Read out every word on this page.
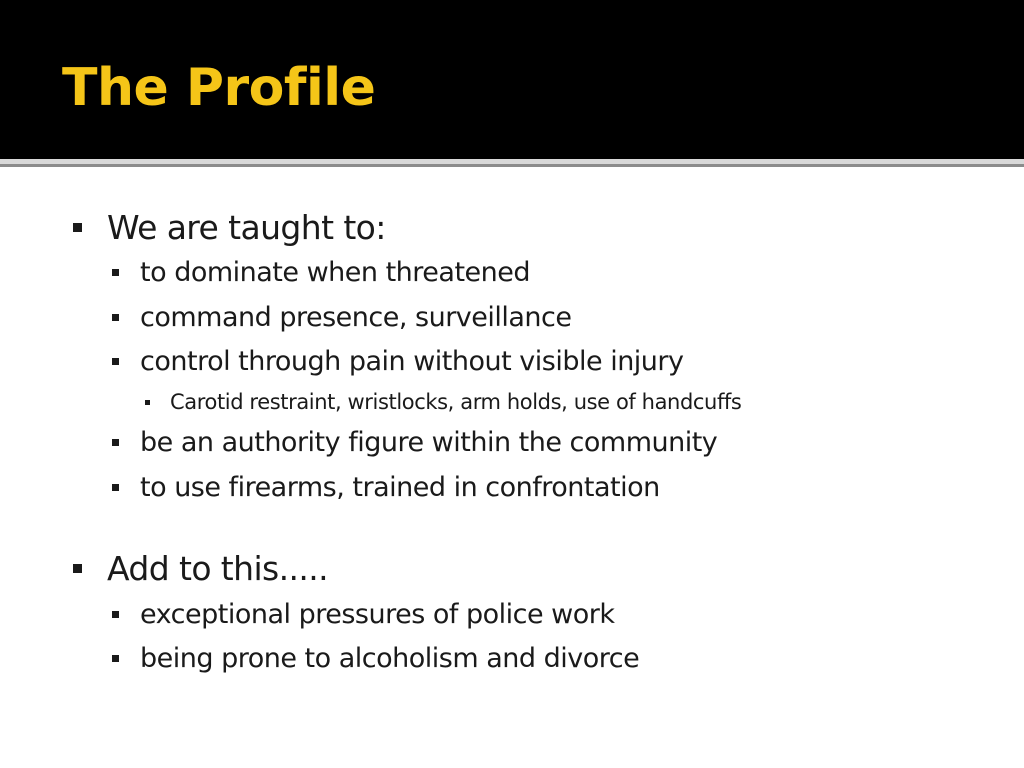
The Profile
We are taught to:
to dominate when threatened
command presence, surveillance
control through pain without visible injury
Carotid restraint, wristlocks, arm holds, use of handcuffs
be an authority figure within the community
to use firearms, trained in confrontation
Add to this.....
exceptional pressures of police work
being prone to alcoholism and divorce
